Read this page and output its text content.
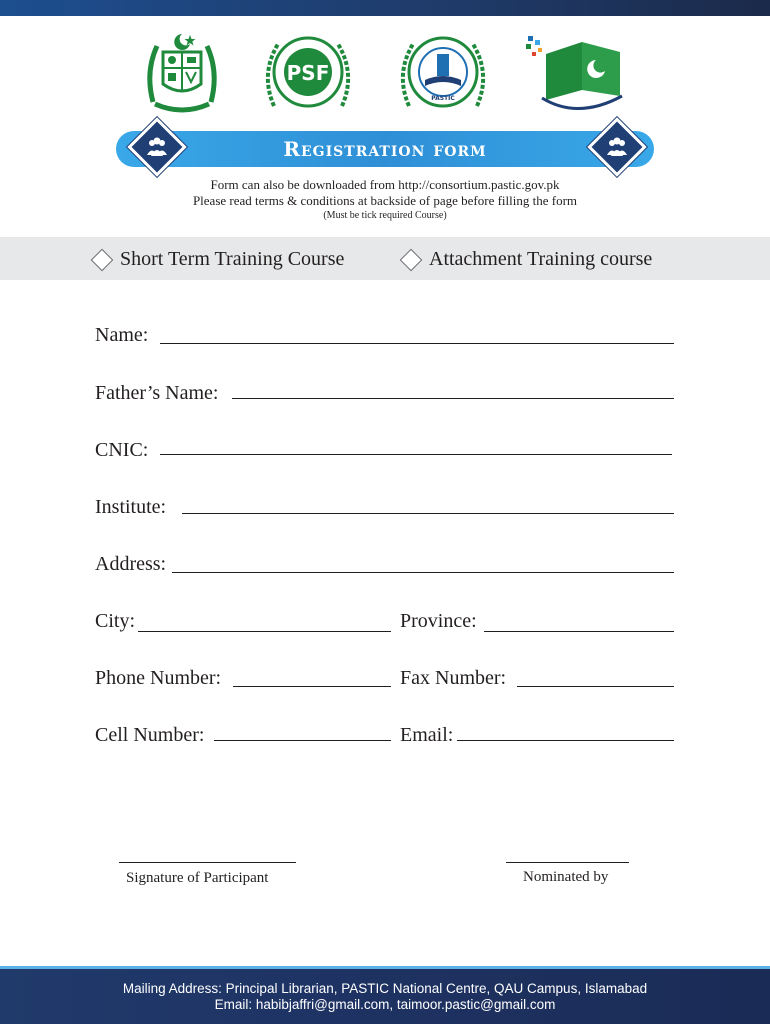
PSF
PASTIC
Registration form
Form can also be downloaded from http://consortium.pastic.gov.pk
Please read terms & conditions at backside of page before filling the form
(Must be tick required Course)
Short Term Training Course	Attachment Training course
Name:
Father’s Name:
CNIC:
Institute:
Address:
City:	Province:
Phone Number:	Fax Number:
Cell Number:	Email:
Signature of Participant	Nominated by
Mailing Address: Principal Librarian, PASTIC National Centre, QAU Campus, Islamabad
Email: habibjaffri@gmail.com, taimoor.pastic@gmail.com
